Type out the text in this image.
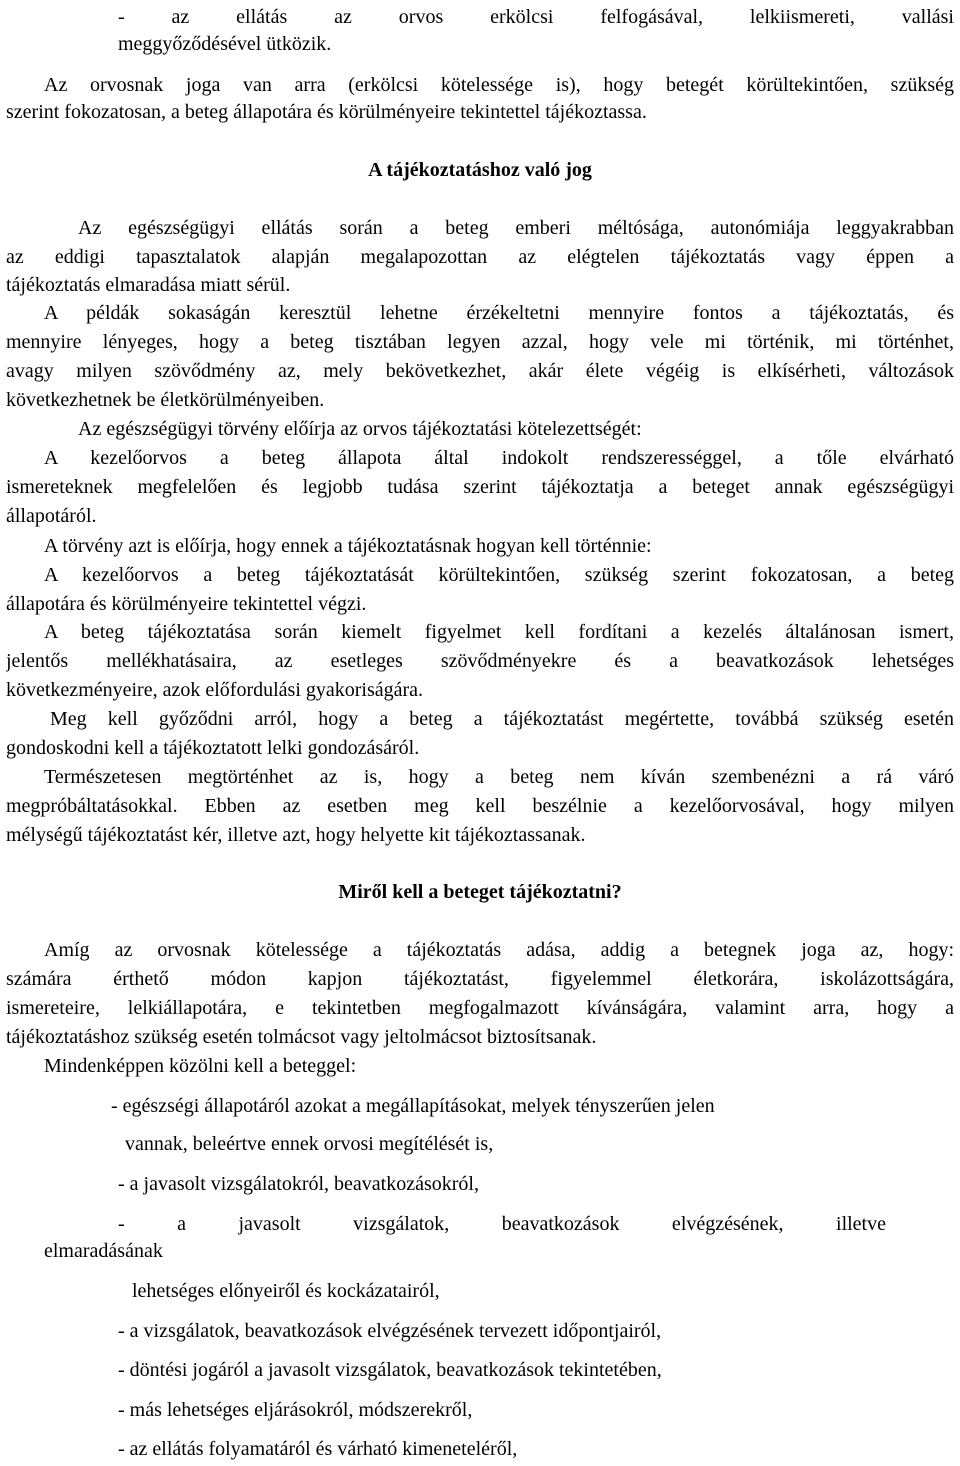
- az ellátás az orvos erkölcsi felfogásával, lelkiismereti, vallási
meggyőződésével ütközik.
Az orvosnak joga van arra (erkölcsi kötelessége is), hogy betegét körültekintően, szükség
szerint fokozatosan, a beteg állapotára és körülményeire tekintettel tájékoztassa.
A tájékoztatáshoz való jog
Az egészségügyi ellátás során a beteg emberi méltósága, autonómiája leggyakrabban
az eddigi tapasztalatok alapján megalapozottan az elégtelen tájékoztatás vagy éppen a
tájékoztatás elmaradása miatt sérül.
A példák sokaságán keresztül lehetne érzékeltetni mennyire fontos a tájékoztatás, és
mennyire lényeges, hogy a beteg tisztában legyen azzal, hogy vele mi történik, mi történhet,
avagy milyen szövődmény az, mely bekövetkezhet, akár élete végéig is elkísérheti, változások
következhetnek be életkörülményeiben.
Az egészségügyi törvény előírja az orvos tájékoztatási kötelezettségét:
A kezelőorvos a beteg állapota által indokolt rendszerességgel, a tőle elvárható
ismereteknek megfelelően és legjobb tudása szerint tájékoztatja a beteget annak egészségügyi
állapotáról.
A törvény azt is előírja, hogy ennek a tájékoztatásnak hogyan kell történnie:
A kezelőorvos a beteg tájékoztatását körültekintően, szükség szerint fokozatosan, a beteg
állapotára és körülményeire tekintettel végzi.
A beteg tájékoztatása során kiemelt figyelmet kell fordítani a kezelés általánosan ismert,
jelentős mellékhatásaira, az esetleges szövődményekre és a beavatkozások lehetséges
következményeire, azok előfordulási gyakoriságára.
Meg kell győződni arról, hogy a beteg a tájékoztatást megértette, továbbá szükség esetén
gondoskodni kell a tájékoztatott lelki gondozásáról.
Természetesen megtörténhet az is, hogy a beteg nem kíván szembenézni a rá váró
megpróbáltatásokkal. Ebben az esetben meg kell beszélnie a kezelőorvosával, hogy milyen
mélységű tájékoztatást kér, illetve azt, hogy helyette kit tájékoztassanak.
Miről kell a beteget tájékoztatni?
Amíg az orvosnak kötelessége a tájékoztatás adása, addig a betegnek joga az, hogy:
számára érthető módon kapjon tájékoztatást, figyelemmel életkorára, iskolázottságára,
ismereteire, lelkiállapotára, e tekintetben megfogalmazott kívánságára, valamint arra, hogy a
tájékoztatáshoz szükség esetén tolmácsot vagy jeltolmácsot biztosítsanak.
Mindenképpen közölni kell a beteggel:
- egészségi állapotáról azokat a megállapításokat, melyek tényszerűen jelen
vannak, beleértve ennek orvosi megítélését is,
- a javasolt vizsgálatokról, beavatkozásokról,
- a javasolt vizsgálatok, beavatkozások elvégzésének, illetve
elmaradásának
lehetséges előnyeiről és kockázatairól,
- a vizsgálatok, beavatkozások elvégzésének tervezett időpontjairól,
- döntési jogáról a javasolt vizsgálatok, beavatkozások tekintetében,
- más lehetséges eljárásokról, módszerekről,
- az ellátás folyamatáról és várható kimeneteléről,
